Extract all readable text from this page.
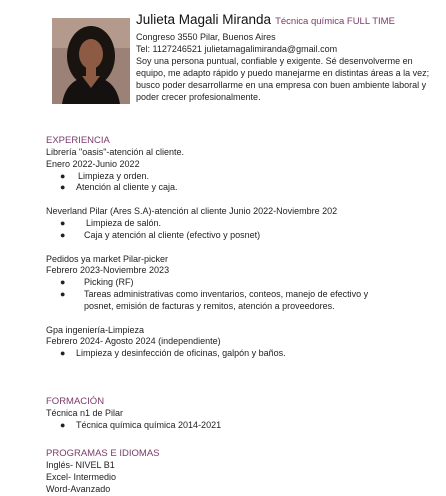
Julieta Magali Miranda Técnica química FULL TIME
Congreso 3550 Pilar, Buenos Aires
Tel: 1127246521 julietamagalimiranda@gmail.com
Soy una persona puntual, confiable y exigente. Sé desenvolverme en equipo, me adapto rápido y puedo manejarme en distintas áreas a la vez; busco poder desarrollarme en una empresa con buen ambiente laboral y poder crecer profesionalmente.
EXPERIENCIA
Librería "oasis"-atención al cliente.
Enero 2022-Junio 2022
● Limpieza y orden.
● Atención al cliente y caja.
Neverland Pilar (Ares S.A)-atención al cliente Junio 2022-Noviembre 202
● Limpieza de salón.
● Caja y atención al cliente (efectivo y posnet)
Pedidos ya market Pilar-picker
Febrero 2023-Noviembre 2023
● Picking (RF)
● Tareas administrativas como inventarios, conteos, manejo de efectivo y posnet, emisión de facturas y remitos, atención a proveedores.
Gpa ingeniería-Limpieza
Febrero 2024- Agosto 2024 (independiente)
● Limpieza y desinfección de oficinas, galpón y baños.
FORMACIÓN
Técnica n1 de Pilar
● Técnica química química 2014-2021
PROGRAMAS E IDIOMAS
Inglés- NIVEL B1
Excel- Intermedio
Word-Avanzado
